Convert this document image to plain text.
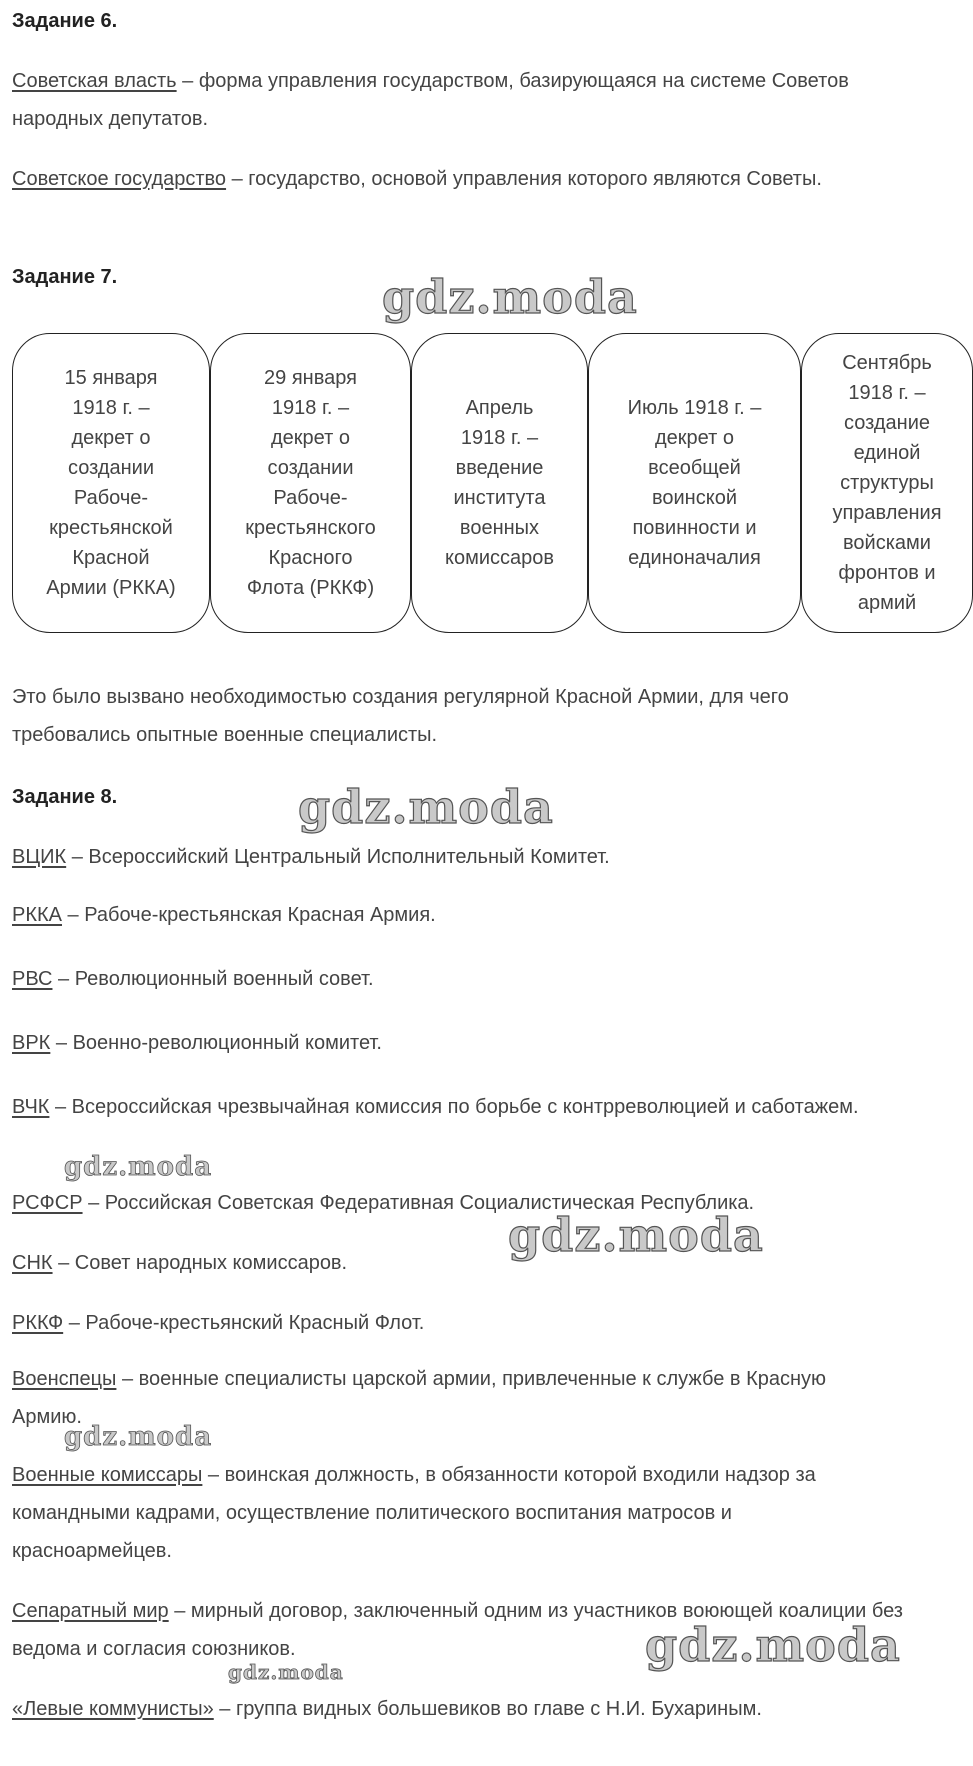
Задание 6.
Советская власть – форма управления государством, базирующаяся на системе Советов народных депутатов.
Советское государство – государство, основой управления которого являются Советы.
Задание 7.
15 января
1918 г. –
декрет о
создании
Рабоче-
крестьянской
Красной
Армии (РККА)
29 января
1918 г. –
декрет о
создании
Рабоче-
крестьянского
Красного
Флота (РККФ)
Апрель
1918 г. –
введение
института
военных
комиссаров
Июль 1918 г. –
декрет о
всеобщей
воинской
повинности и
единоначалия
Сентябрь
1918 г. –
создание
единой
структуры
управления
войсками
фронтов и
армий
Это было вызвано необходимостью создания регулярной Красной Армии, для чего требовались опытные военные специалисты.
Задание 8.
ВЦИК – Всероссийский Центральный Исполнительный Комитет.
РККА – Рабоче-крестьянская Красная Армия.
РВС – Революционный военный совет.
ВРК – Военно-революционный комитет.
ВЧК – Всероссийская чрезвычайная комиссия по борьбе с контрреволюцией и саботажем.
РСФСР – Российская Советская Федеративная Социалистическая Республика.
СНК – Совет народных комиссаров.
РККФ – Рабоче-крестьянский Красный Флот.
Военспецы – военные специалисты царской армии, привлеченные к службе в Красную Армию.
Военные комиссары – воинская должность, в обязанности которой входили надзор за командными кадрами, осуществление политического воспитания матросов и красноармейцев.
Сепаратный мир – мирный договор, заключенный одним из участников воюющей коалиции без ведома и согласия союзников.
«Левые коммунисты» – группа видных большевиков во главе с Н.И. Бухариным.
gdz.moda
gdz.moda
gdz.moda
gdz.moda
gdz.moda
gdz.moda
gdz.moda
